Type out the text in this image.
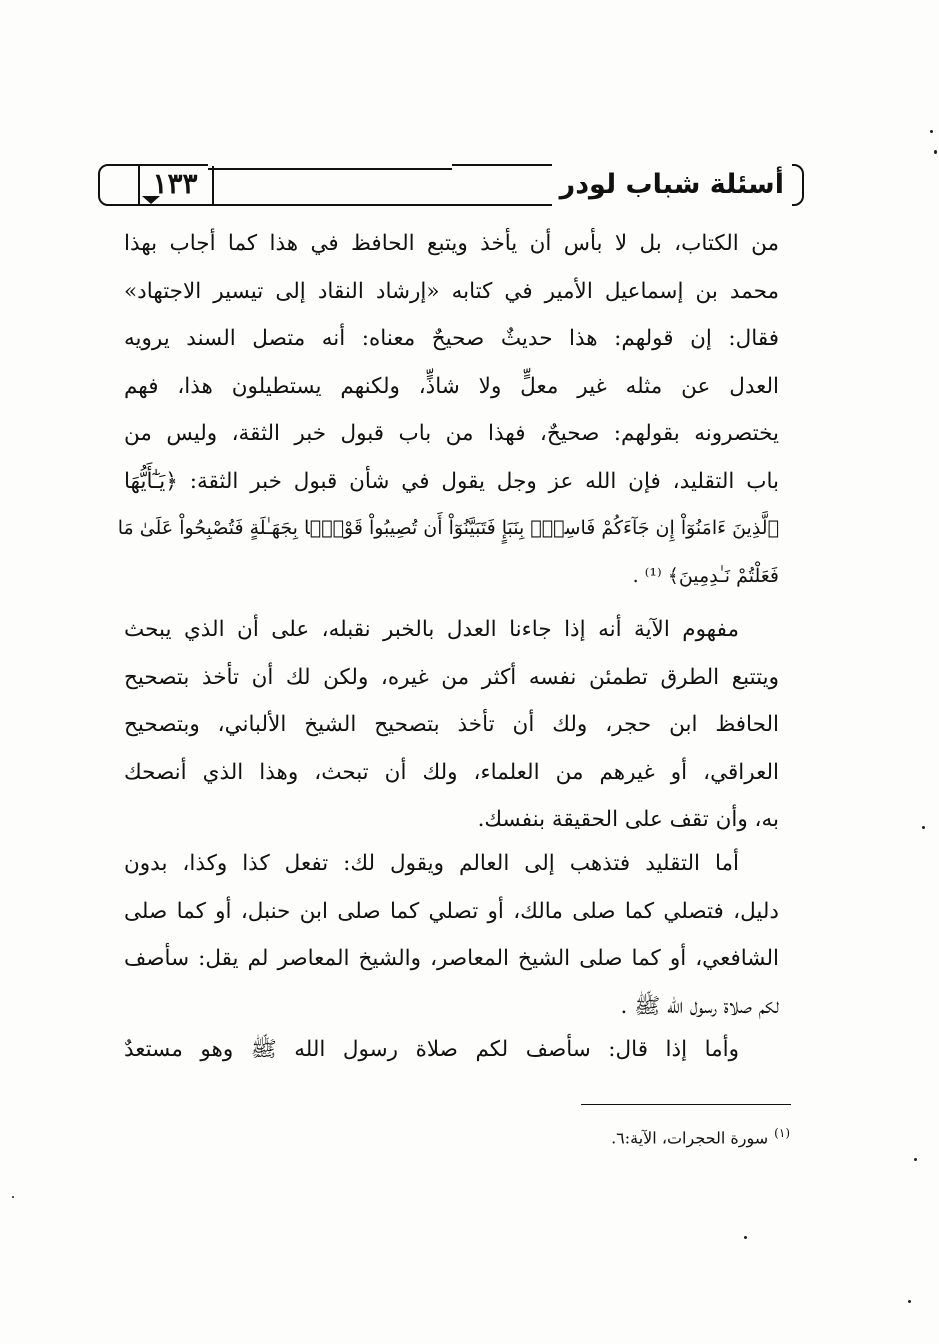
١٣٣	أسئلة شباب لودر
من الكتاب، بل لا بأس أن يأخذ ويتبع الحافظ في هذا كما أجاب بهذا
محمد بن إسماعيل الأمير في كتابه «إرشاد النقاد إلى تيسير الاجتهاد»
فقال: إن قولهم: هذا حديثٌ صحيحٌ معناه: أنه متصل السند يرويه
العدل عن مثله غير معلٍّ ولا شاذٍّ، ولكنهم يستطيلون هذا، فهم
يختصرونه بقولهم: صحيحٌ، فهذا من باب قبول خبر الثقة، وليس من
باب التقليد، فإن الله عز وجل يقول في شأن قبول خبر الثقة: ﴿يَـٰٓأَيُّهَا
ٱلَّذِينَ ءَامَنُوٓاْ إِن جَآءَكُمْ فَاسِقٌۢ بِنَبَإٍ فَتَبَيَّنُوٓاْ أَن تُصِيبُواْ قَوْمًۢا بِجَهَـٰلَةٍ فَتُصْبِحُواْ عَلَىٰ مَا
فَعَلْتُمْ نَـٰدِمِينَ﴾ ⁽¹⁾ .
مفهوم الآية أنه إذا جاءنا العدل بالخبر نقبله، على أن الذي يبحث
ويتتبع الطرق تطمئن نفسه أكثر من غيره، ولكن لك أن تأخذ بتصحيح
الحافظ ابن حجر، ولك أن تأخذ بتصحيح الشيخ الألباني، وبتصحيح
العراقي، أو غيرهم من العلماء، ولك أن تبحث، وهذا الذي أنصحك
به، وأن تقف على الحقيقة بنفسك.
أما التقليد فتذهب إلى العالم ويقول لك: تفعل كذا وكذا، بدون
دليل، فتصلي كما صلى مالك، أو تصلي كما صلى ابن حنبل، أو كما صلى
الشافعي، أو كما صلى الشيخ المعاصر، والشيخ المعاصر لم يقل: سأصف
لكم صلاة رسول الله ﷺ .
وأما إذا قال: سأصف لكم صلاة رسول الله ﷺ وهو مستعدٌ
$^{(١)}$سورة الحجرات، الآية:٦.
